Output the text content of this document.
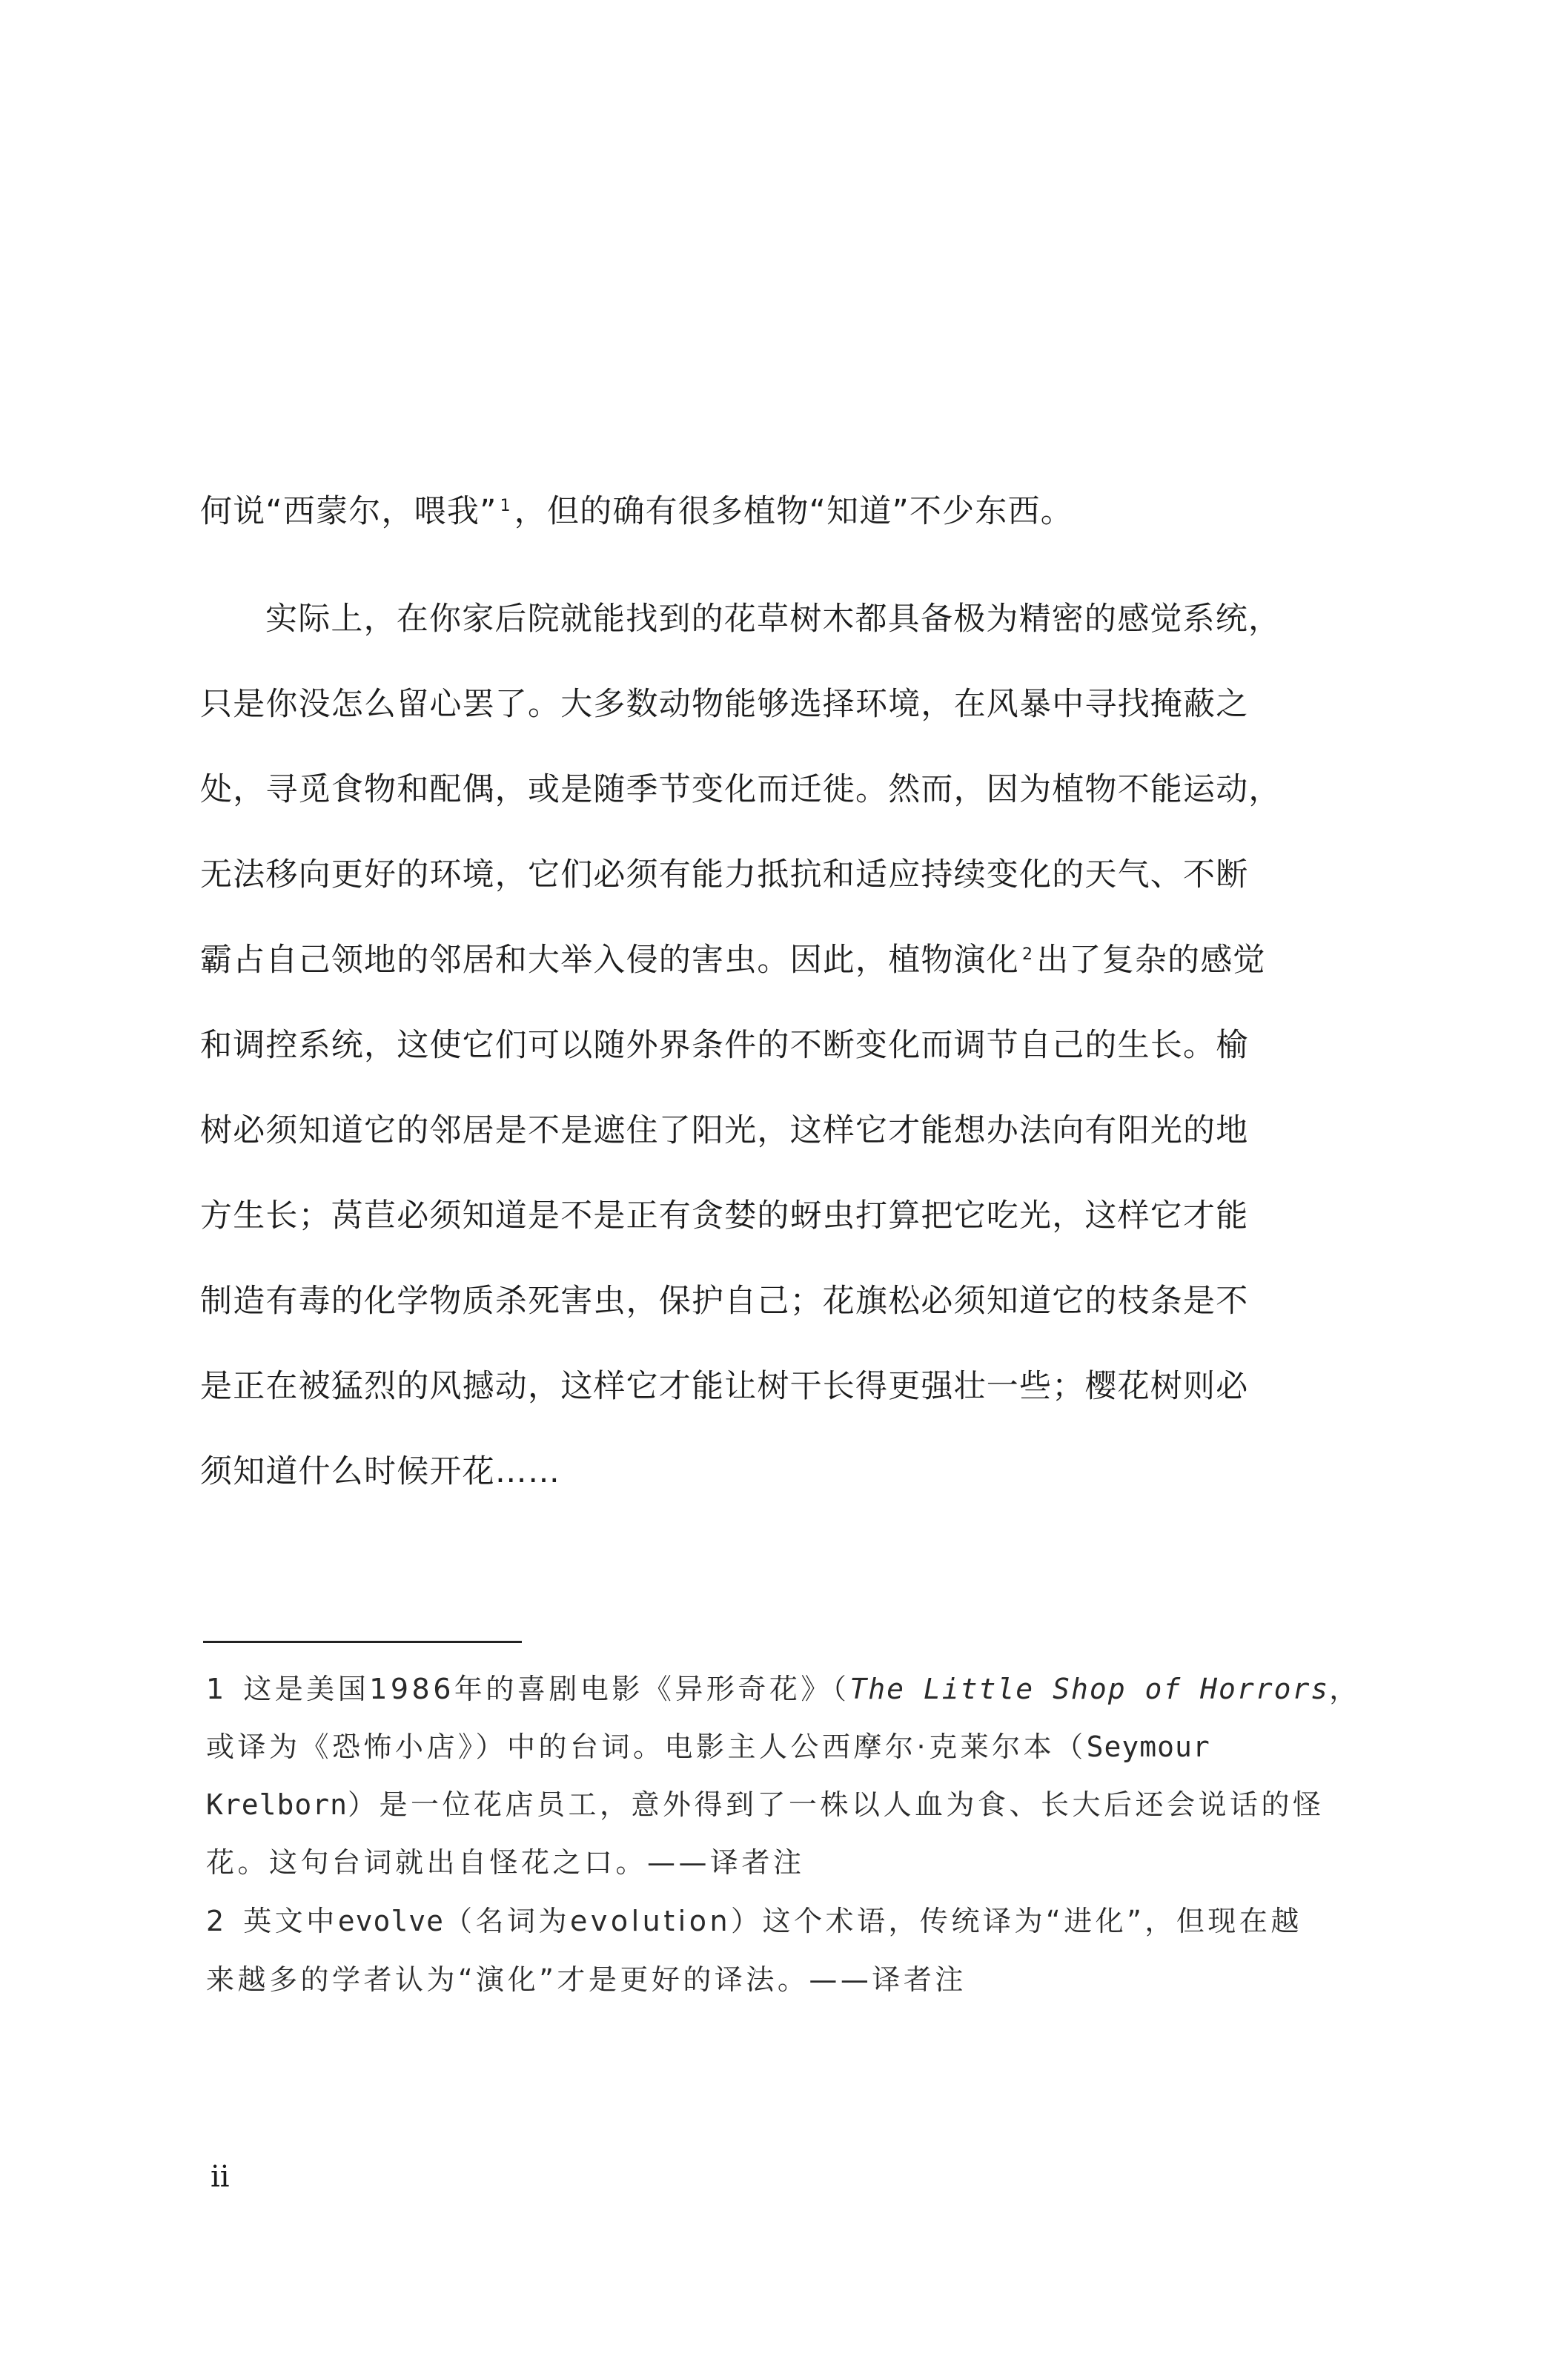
何说“西蒙尔，喂我” $^1$，但的确有很多植物“知道”不少东西。
实际上，在你家后院就能找到的花草树木都具备极为精密的感觉系统，
只是你没怎么留心罢了。大多数动物能够选择环境，在风暴中寻找掩蔽之
处，寻觅食物和配偶，或是随季节变化而迁徙。然而，因为植物不能运动，
无法移向更好的环境，它们必须有能力抵抗和适应持续变化的天气、不断
霸占自己领地的邻居和大举入侵的害虫。因此，植物演化 $^2$出了复杂的感觉
和调控系统，这使它们可以随外界条件的不断变化而调节自己的生长。榆
树必须知道它的邻居是不是遮住了阳光，这样它才能想办法向有阳光的地
方生长；莴苣必须知道是不是正有贪婪的蚜虫打算把它吃光，这样它才能
制造有毒的化学物质杀死害虫，保护自己；花旗松必须知道它的枝条是不
是正在被猛烈的风撼动，这样它才能让树干长得更强壮一些；樱花树则必
须知道什么时候开花……
1 这是美国1986年的喜剧电影《异形奇花》（The Little Shop of Horrors，
或译为《恐怖小店》）中的台词。电影主人公西摩尔·克莱尔本（Seymour
Krelborn）是一位花店员工，意外得到了一株以人血为食、长大后还会说话的怪
花。这句台词就出自怪花之口。——译者注
2 英文中evolve（名词为evolution）这个术语，传统译为“进化”，但现在越
来越多的学者认为“演化”才是更好的译法。——译者注
ii
